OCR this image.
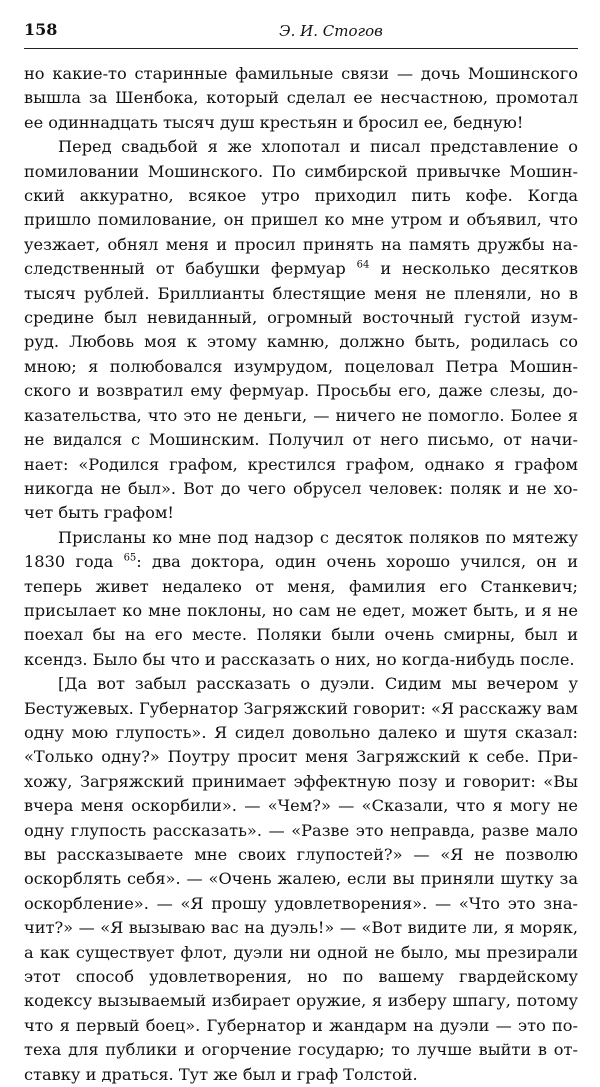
158	Э. И. Стогов

но какие-то старинные фамильные связи — дочь Мошинского вышла за Шенбока, который сделал ее несчастною, промотал ее одиннадцать тысяч душ крестьян и бросил ее, бедную!

Перед свадьбой я же хлопотал и писал представление о помиловании Мошинского. По симбирской привычке Мошинский аккуратно, всякое утро приходил пить кофе. Когда пришло помилование, он пришел ко мне утром и объявил, что уезжает, обнял меня и просил принять на память дружбы наследственный от бабушки фермуар $^{64}$ и несколько десятков тысяч рублей. Бриллианты блестящие меня не пленяли, но в средине был невиданный, огромный восточный густой изумруд. Любовь моя к этому камню, должно быть, родилась со мною; я полюбовался изумрудом, поцеловал Петра Мошинского и возвратил ему фермуар. Просьбы его, даже слезы, доказательства, что это не деньги, — ничего не помогло. Более я не видался с Мошинским. Получил от него письмо, от начинает: «Родился графом, крестился графом, однако я графом никогда не был». Вот до чего обрусел человек: поляк и не хочет быть графом!

Присланы ко мне под надзор с десяток поляков по мятежу 1830 года $^{65}$: два доктора, один очень хорошо учился, он и теперь живет недалеко от меня, фамилия его Станкевич; присылает ко мне поклоны, но сам не едет, может быть, и я не поехал бы на его месте. Поляки были очень смирны, был и ксендз. Было бы что и рассказать о них, но когда-нибудь после.

[Да вот забыл рассказать о дуэли. Сидим мы вечером у Бестужевых. Губернатор Загряжский говорит: «Я расскажу вам одну мою глупость». Я сидел довольно далеко и шутя сказал: «Только одну?» Поутру просит меня Загряжский к себе. Прихожу, Загряжский принимает эффектную позу и говорит: «Вы вчера меня оскорбили». — «Чем?» — «Сказали, что я могу не одну глупость рассказать». — «Разве это неправда, разве мало вы рассказываете мне своих глупостей?» — «Я не позволю оскорблять себя». — «Очень жалею, если вы приняли шутку за оскорбление». — «Я прошу удовлетворения». — «Что это значит?» — «Я вызываю вас на дуэль!» — «Вот видите ли, я моряк, а как существует флот, дуэли ни одной не было, мы презирали этот способ удовлетворения, но по вашему гвардейскому кодексу вызываемый избирает оружие, я изберу шпагу, потому что я первый боец». Губернатор и жандарм на дуэли — это потеха для публики и огорчение государю; то лучше выйти в отставку и драться. Тут же был и граф Толстой.
